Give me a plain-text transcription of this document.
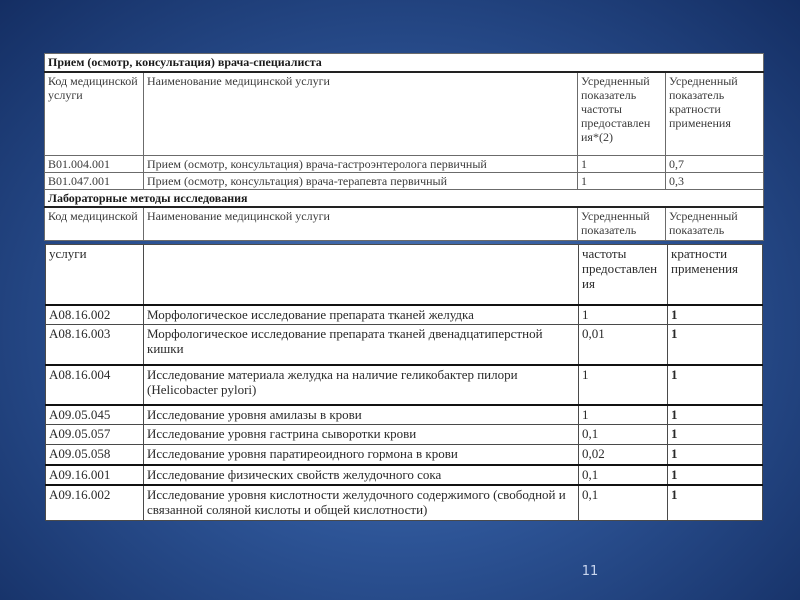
Прием (осмотр, консультация) врача-специалиста			
Код медицинской услуги	Наименование медицинской услуги	Усредненный показатель частоты предоставлен ия*(2)	Усредненный показатель кратности применения
B01.004.001	Прием (осмотр, консультация) врача-гастроэнтеролога первичный	1	0,7
B01.047.001	Прием (осмотр, консультация) врача-терапевта первичный	1	0,3
Лабораторные методы исследования			
Код медицинской	Наименование медицинской услуги	Усредненный показатель	Усредненный показатель
услуги		частоты предоставлен ия	кратности применения
A08.16.002	Морфологическое исследование препарата тканей желудка	1	1
A08.16.003	Морфологическое исследование препарата тканей двенадцатиперстной кишки	0,01	1
A08.16.004	Исследование материала желудка на наличие геликобактер пилори (Helicobacter pylori)	1	1
A09.05.045	Исследование уровня амилазы в крови	1	1
A09.05.057	Исследование уровня гастрина сыворотки крови	0,1	1
A09.05.058	Исследование уровня паратиреоидного гормона в крови	0,02	1
A09.16.001	Исследование физических свойств желудочного сока	0,1	1
A09.16.002	Исследование уровня кислотности желудочного содержимого (свободной и связанной соляной кислоты и общей кислотности)	0,1	1
11
